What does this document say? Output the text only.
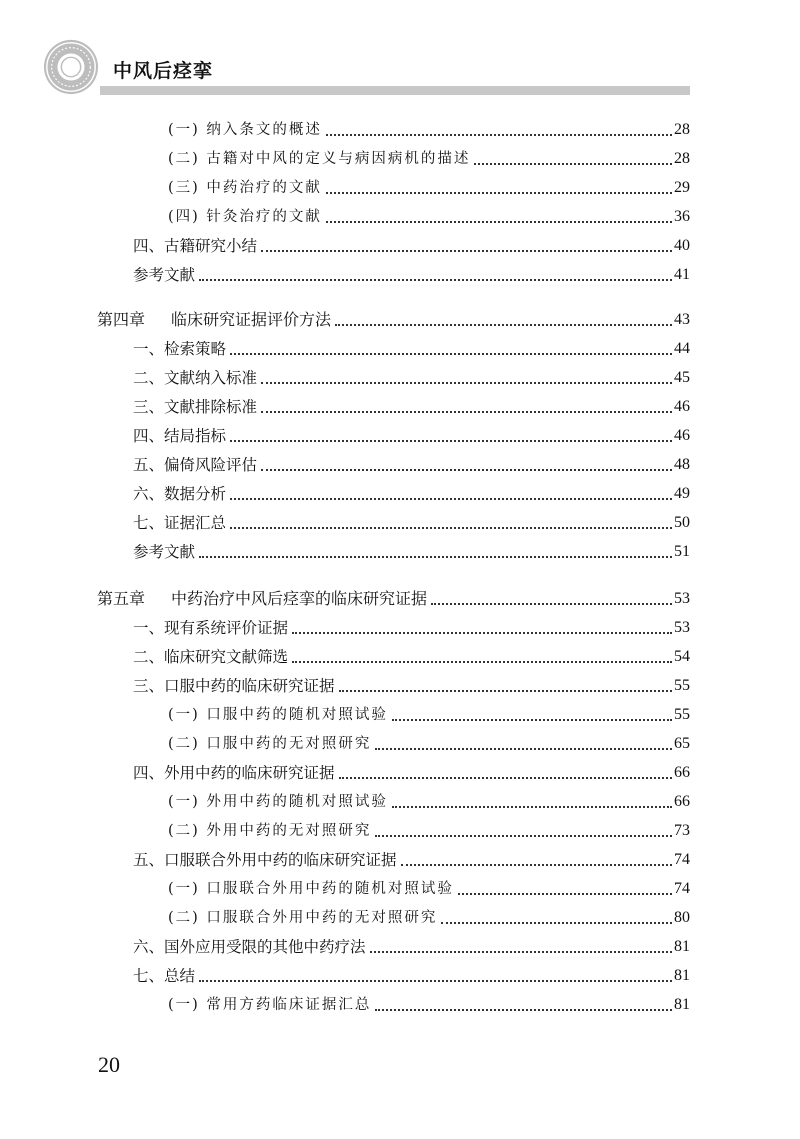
中风后痉挛
(一) 纳入条文的概述	28
(二) 古籍对中风的定义与病因病机的描述	28
(三) 中药治疗的文献	29
(四) 针灸治疗的文献	36
四、古籍研究小结	40
参考文献	41
第四章 临床研究证据评价方法	43
一、检索策略	44
二、文献纳入标准	45
三、文献排除标准	46
四、结局指标	46
五、偏倚风险评估	48
六、数据分析	49
七、证据汇总	50
参考文献	51
第五章 中药治疗中风后痉挛的临床研究证据	53
一、现有系统评价证据	53
二、临床研究文献筛选	54
三、口服中药的临床研究证据	55
(一) 口服中药的随机对照试验	55
(二) 口服中药的无对照研究	65
四、外用中药的临床研究证据	66
(一) 外用中药的随机对照试验	66
(二) 外用中药的无对照研究	73
五、口服联合外用中药的临床研究证据	74
(一) 口服联合外用中药的随机对照试验	74
(二) 口服联合外用中药的无对照研究	80
六、国外应用受限的其他中药疗法	81
七、总结	81
(一) 常用方药临床证据汇总	81
20
